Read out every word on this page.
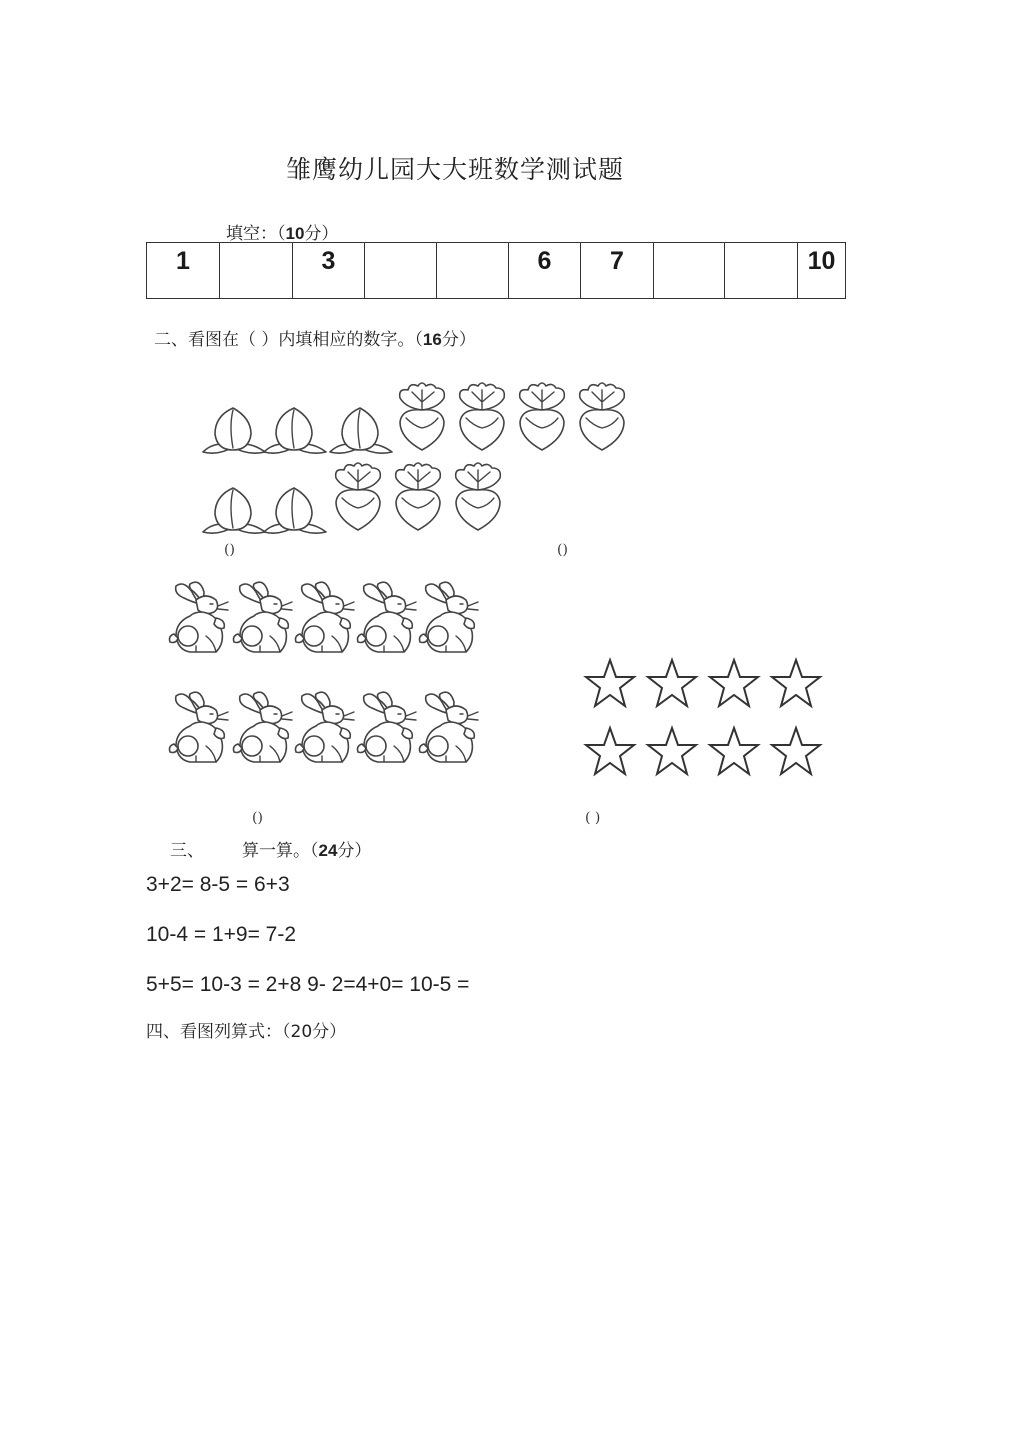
雏鹰幼儿园大大班数学测试题
填空：（10分）
1		3			6	7			10
二、看图在（ ）内填相应的数字。（16分）
()	()
()	( )
三、 算一算。（24分）
3+2= 8-5 = 6+3
10-4 = 1+9= 7-2
5+5= 10-3 = 2+8 9- 2=4+0= 10-5 =
四、看图列算式：（20分）
